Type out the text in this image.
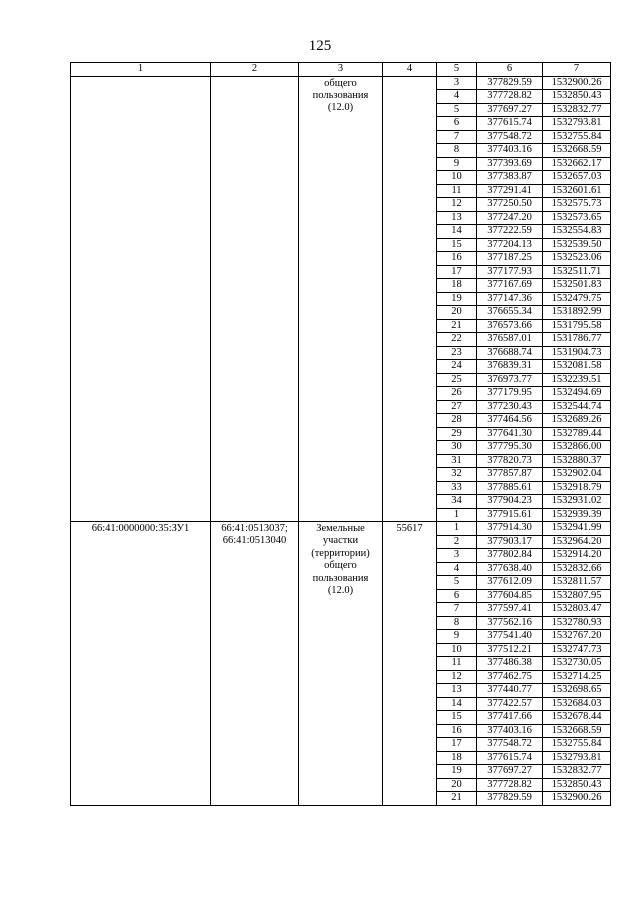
125
1	2	3	4	5	6	7
		общего пользования (12.0)		3	377829.59	1532900.26
				4	377728.82	1532850.43
				5	377697.27	1532832.77
				6	377615.74	1532793.81
				7	377548.72	1532755.84
				8	377403.16	1532668.59
				9	377393.69	1532662.17
				10	377383.87	1532657.03
				11	377291.41	1532601.61
				12	377250.50	1532575.73
				13	377247.20	1532573.65
				14	377222.59	1532554.83
				15	377204.13	1532539.50
				16	377187.25	1532523.06
				17	377177.93	1532511.71
				18	377167.69	1532501.83
				19	377147.36	1532479.75
				20	376655.34	1531892.99
				21	376573.66	1531795.58
				22	376587.01	1531786.77
				23	376688.74	1531904.73
				24	376839.31	1532081.58
				25	376973.77	1532239.51
				26	377179.95	1532494.69
				27	377230.43	1532544.74
				28	377464.56	1532689.26
				29	377641.30	1532789.44
				30	377795.30	1532866.00
				31	377820.73	1532880.37
				32	377857.87	1532902.04
				33	377885.61	1532918.79
				34	377904.23	1532931.02
				1	377915.61	1532939.39
66:41:0000000:35:ЗУ1	66:41:0513037; 66:41:0513040	Земельные участки (территории) общего пользования (12.0)	55617	1	377914.30	1532941.99
				2	377903.17	1532964.20
				3	377802.84	1532914.20
				4	377638.40	1532832.66
				5	377612.09	1532811.57
				6	377604.85	1532807.95
				7	377597.41	1532803.47
				8	377562.16	1532780.93
				9	377541.40	1532767.20
				10	377512.21	1532747.73
				11	377486.38	1532730.05
				12	377462.75	1532714.25
				13	377440.77	1532698.65
				14	377422.57	1532684.03
				15	377417.66	1532678.44
				16	377403.16	1532668.59
				17	377548.72	1532755.84
				18	377615.74	1532793.81
				19	377697.27	1532832.77
				20	377728.82	1532850.43
				21	377829.59	1532900.26
